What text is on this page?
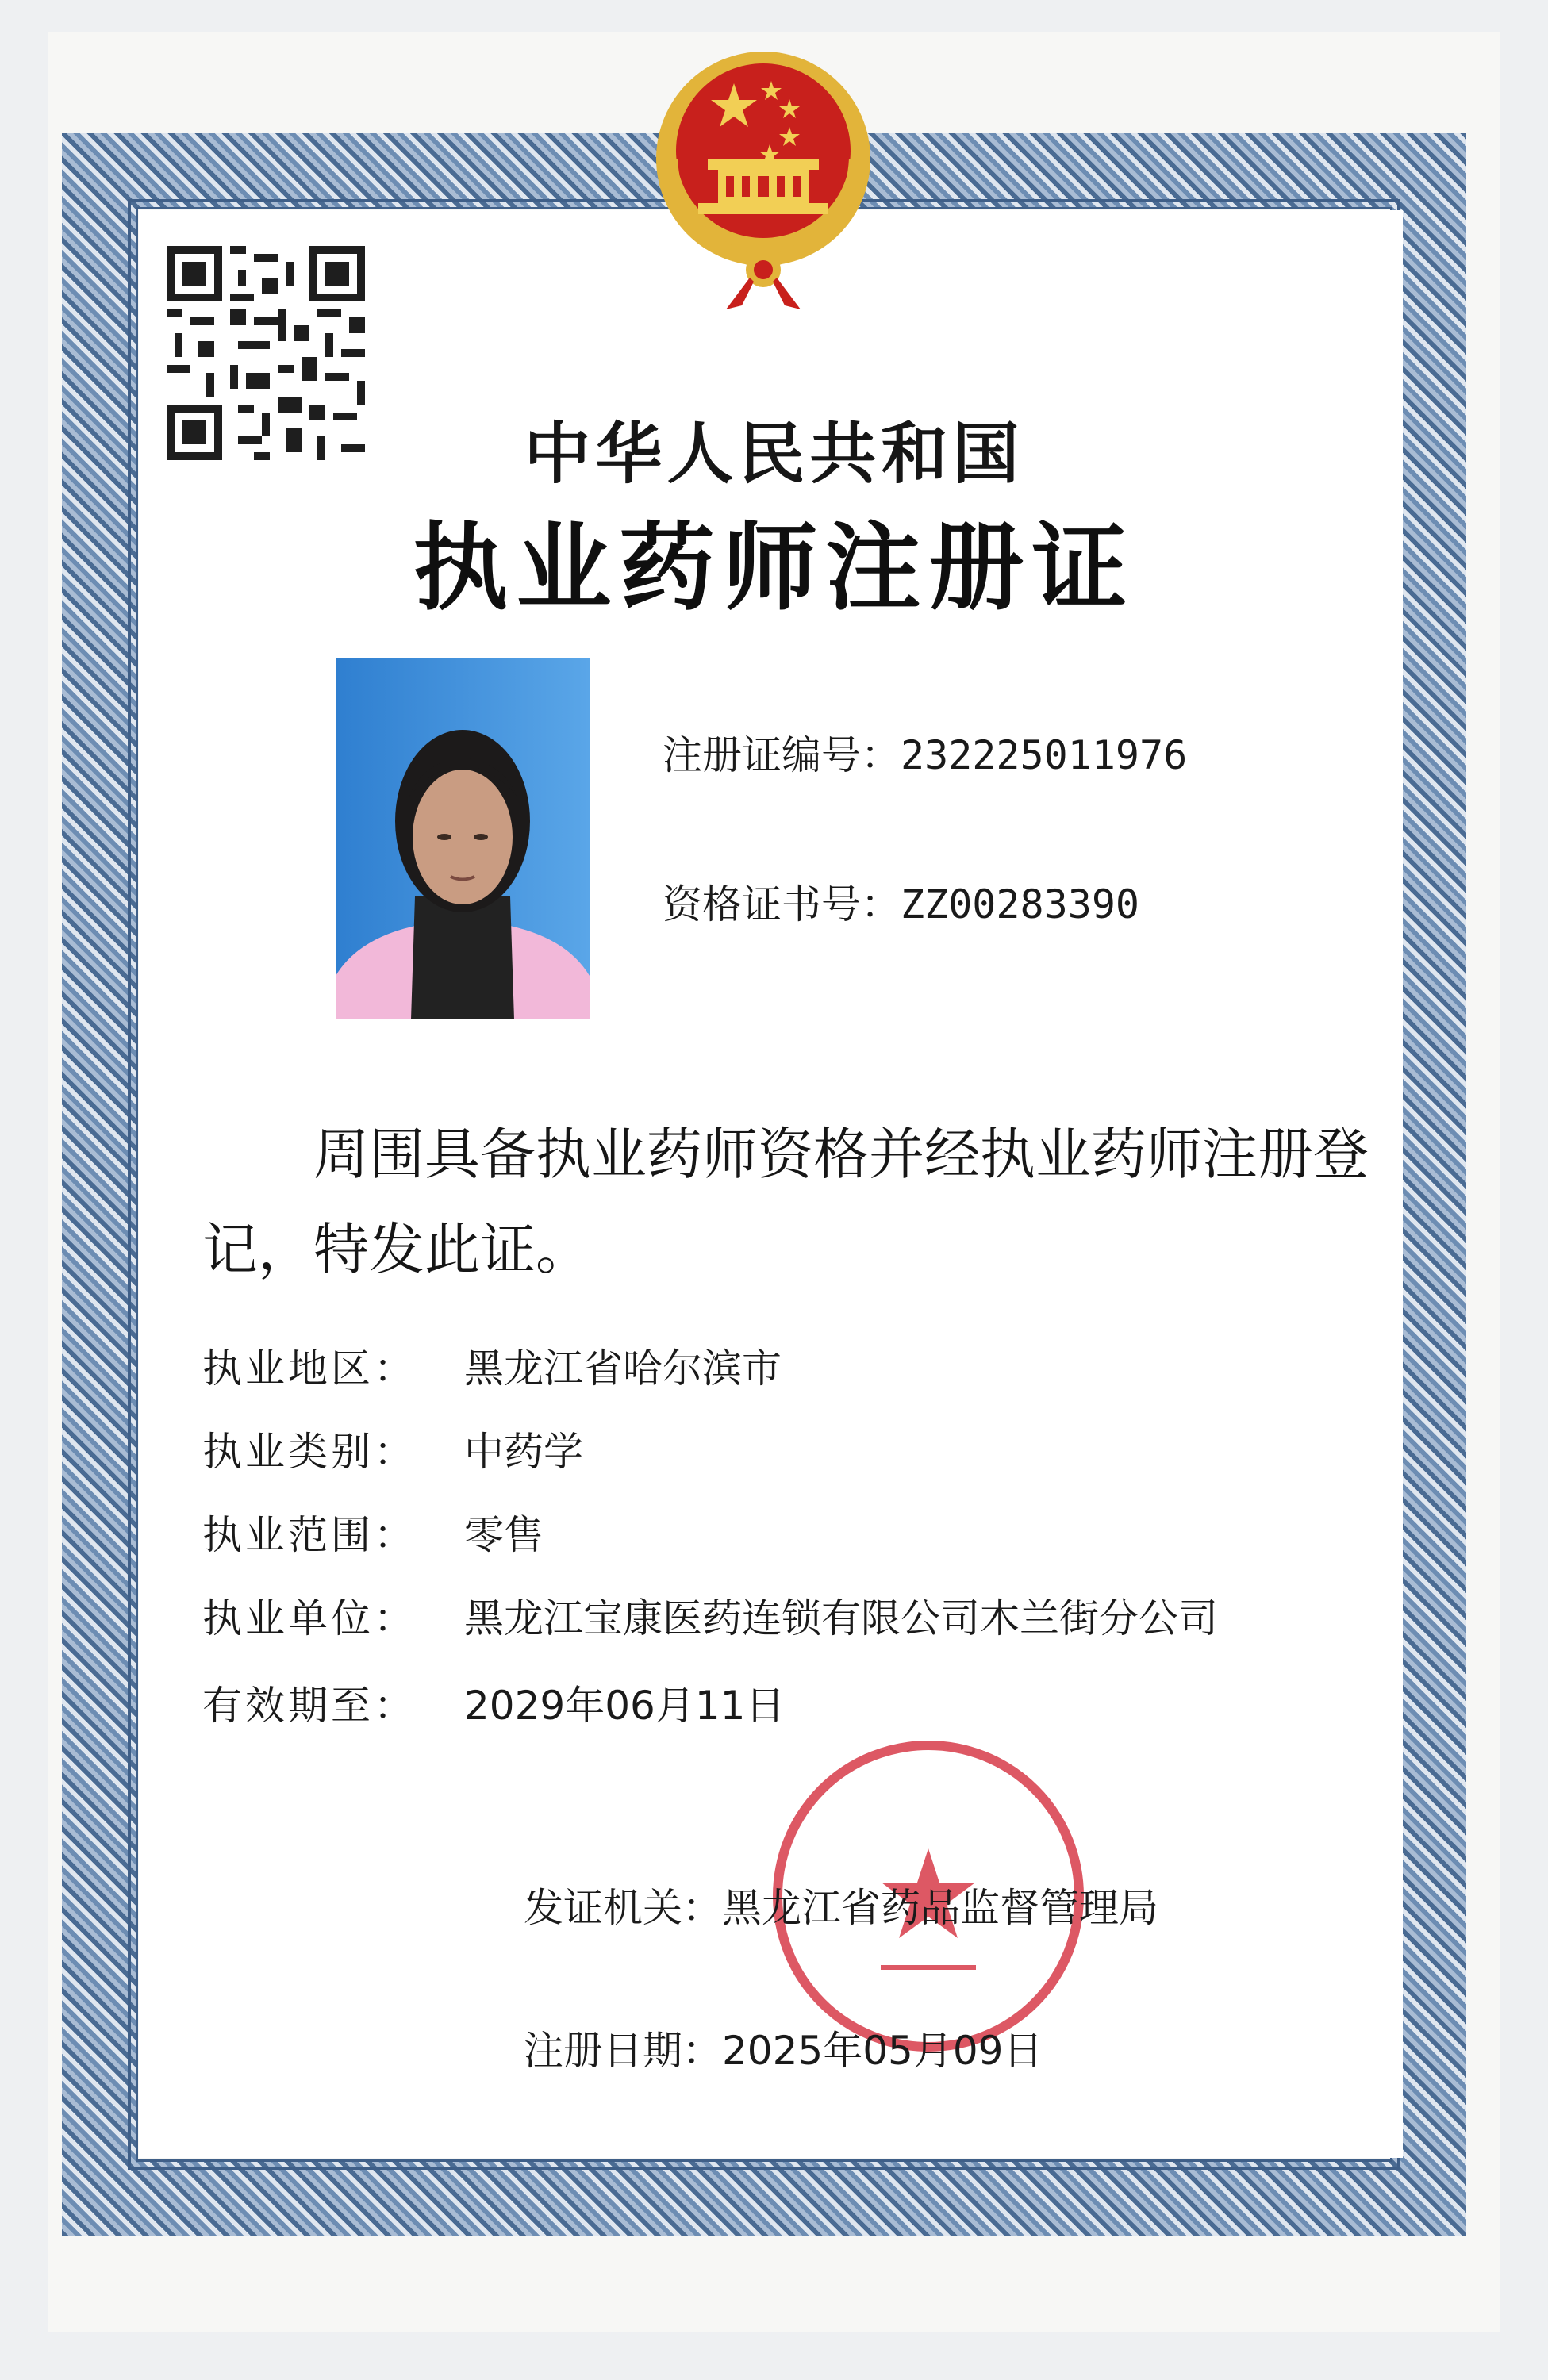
中华人民共和国
执业药师注册证
注册证编号：232225011976
资格证书号：ZZ00283390
周围具备执业药师资格并经执业药师注册登记，特发此证。
执业地区： 黑龙江省哈尔滨市
执业类别： 中药学
执业范围： 零售
执业单位： 黑龙江宝康医药连锁有限公司木兰街分公司
有效期至： 2029年06月11日
发证机关：黑龙江省药品监督管理局
注册日期：2025年05月09日
